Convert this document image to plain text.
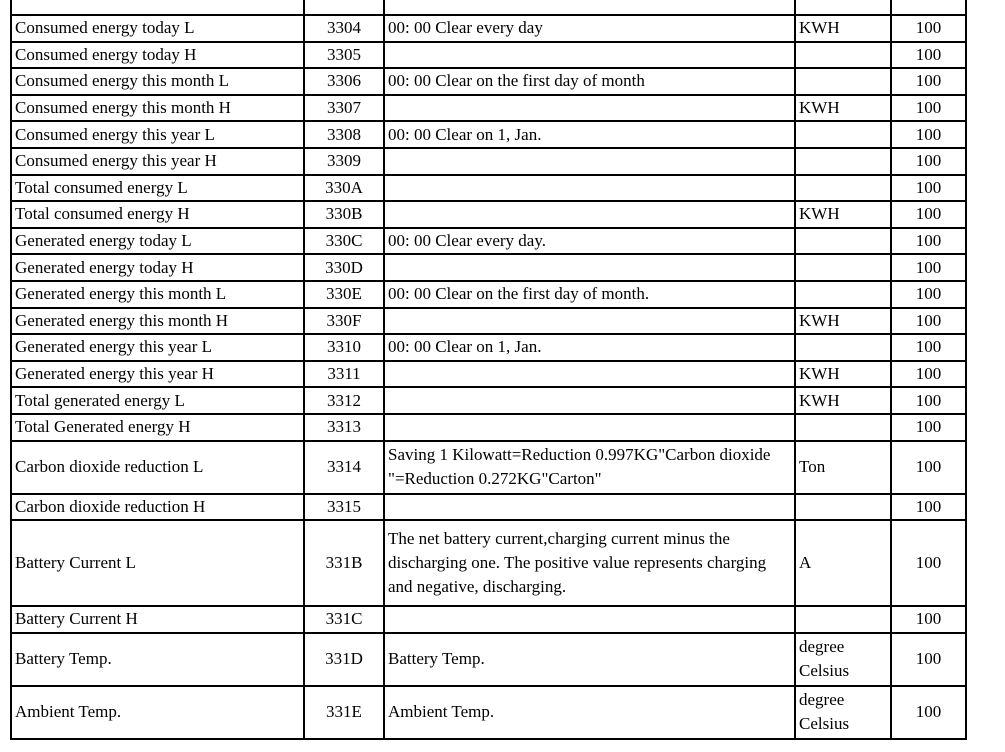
Consumed energy today L	3304	00: 00 Clear every day	KWH	100
Consumed energy today H	3305			100
Consumed energy this month L	3306	00: 00 Clear on the first day of month		100
Consumed energy this month H	3307		KWH	100
Consumed energy this year L	3308	00: 00 Clear on 1, Jan.		100
Consumed energy this year H	3309			100
Total consumed energy L	330A			100
Total consumed energy H	330B		KWH	100
Generated energy today L	330C	00: 00 Clear every day.		100
Generated energy today H	330D			100
Generated energy this month L	330E	00: 00 Clear on the first day of month.		100
Generated energy this month H	330F		KWH	100
Generated energy this year L	3310	00: 00 Clear on 1, Jan.		100
Generated energy this year H	3311		KWH	100
Total generated energy L	3312		KWH	100
Total Generated energy H	3313			100
Carbon dioxide reduction L	3314	Saving 1 Kilowatt=Reduction 0.997KG"Carbon dioxide "=Reduction 0.272KG"Carton"	Ton	100
Carbon dioxide reduction H	3315			100
Battery Current L	331B	The net battery current,charging current minus the discharging one. The positive value represents charging and negative, discharging.	A	100
Battery Current H	331C			100
Battery Temp.	331D	Battery Temp.	degree Celsius	100
Ambient Temp.	331E	Ambient Temp.	degree Celsius	100
